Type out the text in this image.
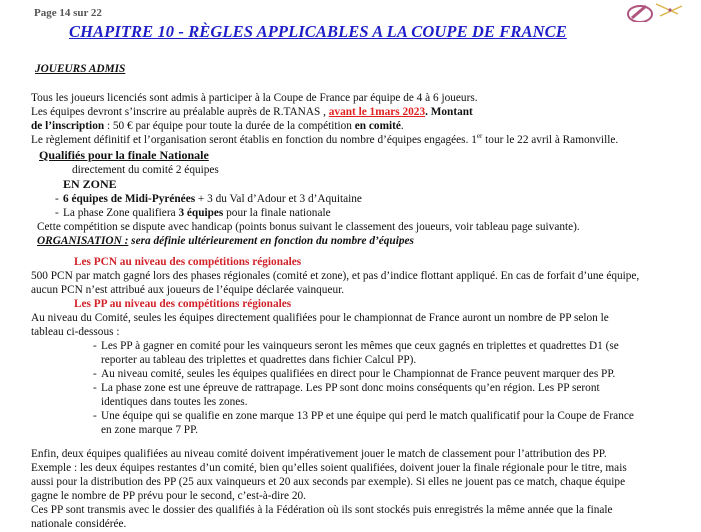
Page 14 sur 22
CHAPITRE 10 - RÈGLES APPLICABLES A LA COUPE DE FRANCE
JOUEURS ADMIS
Tous les joueurs licenciés sont admis à participer à la Coupe de France par équipe de 4 à 6 joueurs.
Les équipes devront s’inscrire au préalable auprès de R.TANAS , avant le 1mars 2023. Montant
de l’inscription : 50 € par équipe pour toute la durée de la compétition en comité.
Le règlement définitif et l’organisation seront établis en fonction du nombre d’équipes engagées. 1er tour le 22 avril à Ramonville.
Qualifiés pour la finale Nationale
directement du comité 2 équipes
EN ZONE
- 6 équipes de Midi-Pyrénées + 3 du Val d’Adour et 3 d’Aquitaine
- La phase Zone qualifiera 3 équipes pour la finale nationale
Cette compétition se dispute avec handicap (points bonus suivant le classement des joueurs, voir tableau page suivante).
ORGANISATION : sera définie ultérieurement en fonction du nombre d’équipes
Les PCN au niveau des compétitions régionales
500 PCN par match gagné lors des phases régionales (comité et zone), et pas d’indice flottant appliqué. En cas de forfait d’une équipe,
aucun PCN n’est attribué aux joueurs de l’équipe déclarée vainqueur.
Les PP au niveau des compétitions régionales
Au niveau du Comité, seules les équipes directement qualifiées pour le championnat de France auront un nombre de PP selon le
tableau ci-dessous :
- Les PP à gagner en comité pour les vainqueurs seront les mêmes que ceux gagnés en triplettes et quadrettes D1 (se
reporter au tableau des triplettes et quadrettes dans fichier Calcul PP).
- Au niveau comité, seules les équipes qualifiées en direct pour le Championnat de France peuvent marquer des PP.
- La phase zone est une épreuve de rattrapage. Les PP sont donc moins conséquents qu’en région. Les PP seront
identiques dans toutes les zones.
- Une équipe qui se qualifie en zone marque 13 PP et une équipe qui perd le match qualificatif pour la Coupe de France
en zone marque 7 PP.
Enfin, deux équipes qualifiées au niveau comité doivent impérativement jouer le match de classement pour l’attribution des PP.
Exemple : les deux équipes restantes d’un comité, bien qu’elles soient qualifiées, doivent jouer la finale régionale pour le titre, mais
aussi pour la distribution des PP (25 aux vainqueurs et 20 aux seconds par exemple). Si elles ne jouent pas ce match, chaque équipe
gagne le nombre de PP prévu pour le second, c’est-à-dire 20.
Ces PP sont transmis avec le dossier des qualifiés à la Fédération où ils sont stockés puis enregistrés la même année que la finale
nationale considérée.
